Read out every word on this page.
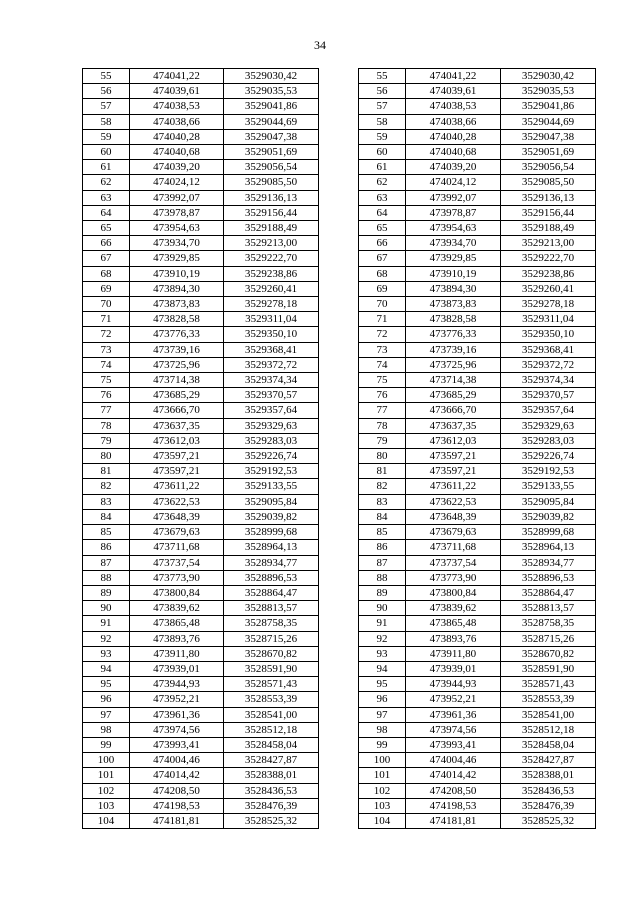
34
55	474041,22	3529030,42
56	474039,61	3529035,53
57	474038,53	3529041,86
58	474038,66	3529044,69
59	474040,28	3529047,38
60	474040,68	3529051,69
61	474039,20	3529056,54
62	474024,12	3529085,50
63	473992,07	3529136,13
64	473978,87	3529156,44
65	473954,63	3529188,49
66	473934,70	3529213,00
67	473929,85	3529222,70
68	473910,19	3529238,86
69	473894,30	3529260,41
70	473873,83	3529278,18
71	473828,58	3529311,04
72	473776,33	3529350,10
73	473739,16	3529368,41
74	473725,96	3529372,72
75	473714,38	3529374,34
76	473685,29	3529370,57
77	473666,70	3529357,64
78	473637,35	3529329,63
79	473612,03	3529283,03
80	473597,21	3529226,74
81	473597,21	3529192,53
82	473611,22	3529133,55
83	473622,53	3529095,84
84	473648,39	3529039,82
85	473679,63	3528999,68
86	473711,68	3528964,13
87	473737,54	3528934,77
88	473773,90	3528896,53
89	473800,84	3528864,47
90	473839,62	3528813,57
91	473865,48	3528758,35
92	473893,76	3528715,26
93	473911,80	3528670,82
94	473939,01	3528591,90
95	473944,93	3528571,43
96	473952,21	3528553,39
97	473961,36	3528541,00
98	473974,56	3528512,18
99	473993,41	3528458,04
100	474004,46	3528427,87
101	474014,42	3528388,01
102	474208,50	3528436,53
103	474198,53	3528476,39
104	474181,81	3528525,32
55	474041,22	3529030,42
56	474039,61	3529035,53
57	474038,53	3529041,86
58	474038,66	3529044,69
59	474040,28	3529047,38
60	474040,68	3529051,69
61	474039,20	3529056,54
62	474024,12	3529085,50
63	473992,07	3529136,13
64	473978,87	3529156,44
65	473954,63	3529188,49
66	473934,70	3529213,00
67	473929,85	3529222,70
68	473910,19	3529238,86
69	473894,30	3529260,41
70	473873,83	3529278,18
71	473828,58	3529311,04
72	473776,33	3529350,10
73	473739,16	3529368,41
74	473725,96	3529372,72
75	473714,38	3529374,34
76	473685,29	3529370,57
77	473666,70	3529357,64
78	473637,35	3529329,63
79	473612,03	3529283,03
80	473597,21	3529226,74
81	473597,21	3529192,53
82	473611,22	3529133,55
83	473622,53	3529095,84
84	473648,39	3529039,82
85	473679,63	3528999,68
86	473711,68	3528964,13
87	473737,54	3528934,77
88	473773,90	3528896,53
89	473800,84	3528864,47
90	473839,62	3528813,57
91	473865,48	3528758,35
92	473893,76	3528715,26
93	473911,80	3528670,82
94	473939,01	3528591,90
95	473944,93	3528571,43
96	473952,21	3528553,39
97	473961,36	3528541,00
98	473974,56	3528512,18
99	473993,41	3528458,04
100	474004,46	3528427,87
101	474014,42	3528388,01
102	474208,50	3528436,53
103	474198,53	3528476,39
104	474181,81	3528525,32
